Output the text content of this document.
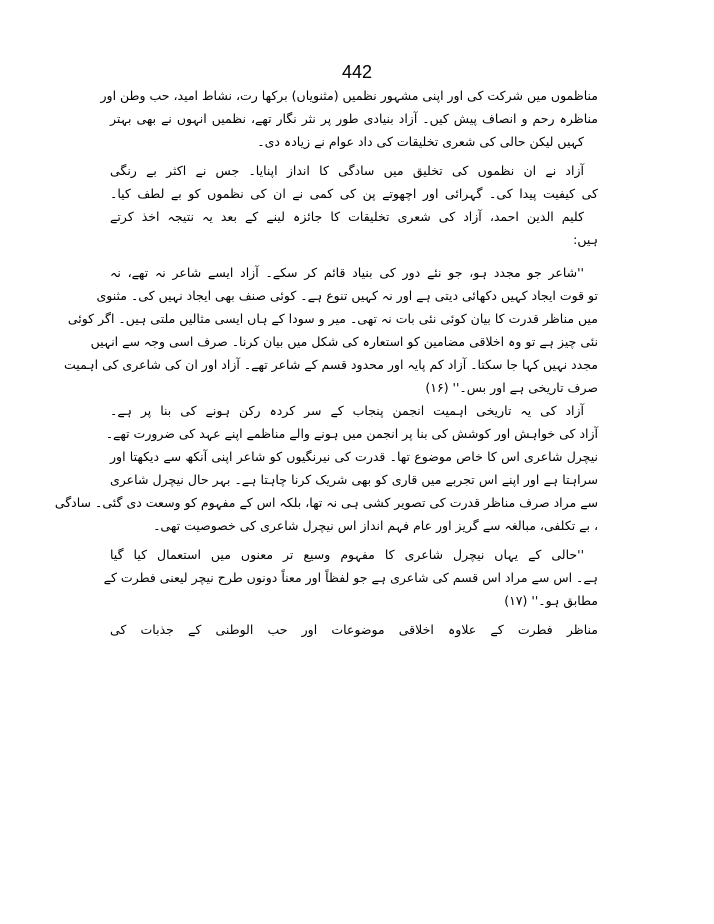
442
مناظموں میں شرکت کی اور اپنی مشہور نظمیں (مثنویاں) برکھا رت، نشاط امید، حب وطن اور
مناظرہ رحم و انصاف پیش کیں۔ آزاد بنیادی طور پر نثر نگار تھے، نظمیں انہوں نے بھی بہتر
کہیں لیکن حالی کی شعری تخلیقات کی داد عوام نے زیادہ دی۔
آزاد نے ان نظموں کی تخلیق میں سادگی کا انداز اپنایا۔ جس نے اکثر بے رنگی
کی کیفیت پیدا کی۔ گہرائی اور اچھوتے پن کی کمی نے ان کی نظموں کو بے لطف کیا۔
کلیم الدین احمد، آزاد کی شعری تخلیقات کا جائزہ لینے کے بعد یہ نتیجہ اخذ کرتے
ہیں:
''شاعر جو مجدد ہو، جو نئے دور کی بنیاد قائم کر سکے۔ آزاد ایسے شاعر نہ تھے، نہ
تو قوت ایجاد کہیں دکھائی دیتی ہے اور نہ کہیں تنوع ہے۔ کوئی صنف بھی ایجاد نہیں کی۔ مثنوی
میں مناظر قدرت کا بیان کوئی نئی بات نہ تھی۔ میر و سودا کے ہاں ایسی مثالیں ملتی ہیں۔ اگر کوئی
نئی چیز ہے تو وہ اخلاقی مضامین کو استعارہ کی شکل میں بیان کرنا۔ صرف اسی وجہ سے انہیں
مجدد نہیں کہا جا سکتا۔ آزاد کم پایہ اور محدود قسم کے شاعر تھے۔ آزاد اور ان کی شاعری کی اہمیت
صرف تاریخی ہے اور بس۔'' (۱۶)
آزاد کی یہ تاریخی اہمیت انجمن پنجاب کے سر کردہ رکن ہونے کی بنا پر ہے۔
آزاد کی خواہش اور کوشش کی بنا پر انجمن میں ہونے والے مناظمے اپنے عہد کی ضرورت تھے۔
نیچرل شاعری اس کا خاص موضوع تھا۔ قدرت کی نیرنگیوں کو شاعر اپنی آنکھ سے دیکھتا اور
سراہتا ہے اور اپنے اس تجربے میں قاری کو بھی شریک کرنا چاہتا ہے۔ بہر حال نیچرل شاعری
سے مراد صرف مناظر قدرت کی تصویر کشی ہی نہ تھا، بلکہ اس کے مفہوم کو وسعت دی گئی۔ سادگی
، بے تکلفی، مبالغہ سے گریز اور عام فہم انداز اس نیچرل شاعری کی خصوصیت تھی۔
''حالی کے یہاں نیچرل شاعری کا مفہوم وسیع تر معنوں میں استعمال کیا گیا
ہے۔ اس سے مراد اس قسم کی شاعری ہے جو لفظاً اور معناً دونوں طرح نیچر لیعنی فطرت کے
مطابق ہو۔'' (۱۷)
مناظر فطرت کے علاوہ اخلاقی موضوعات اور حب الوطنی کے جذبات کی
